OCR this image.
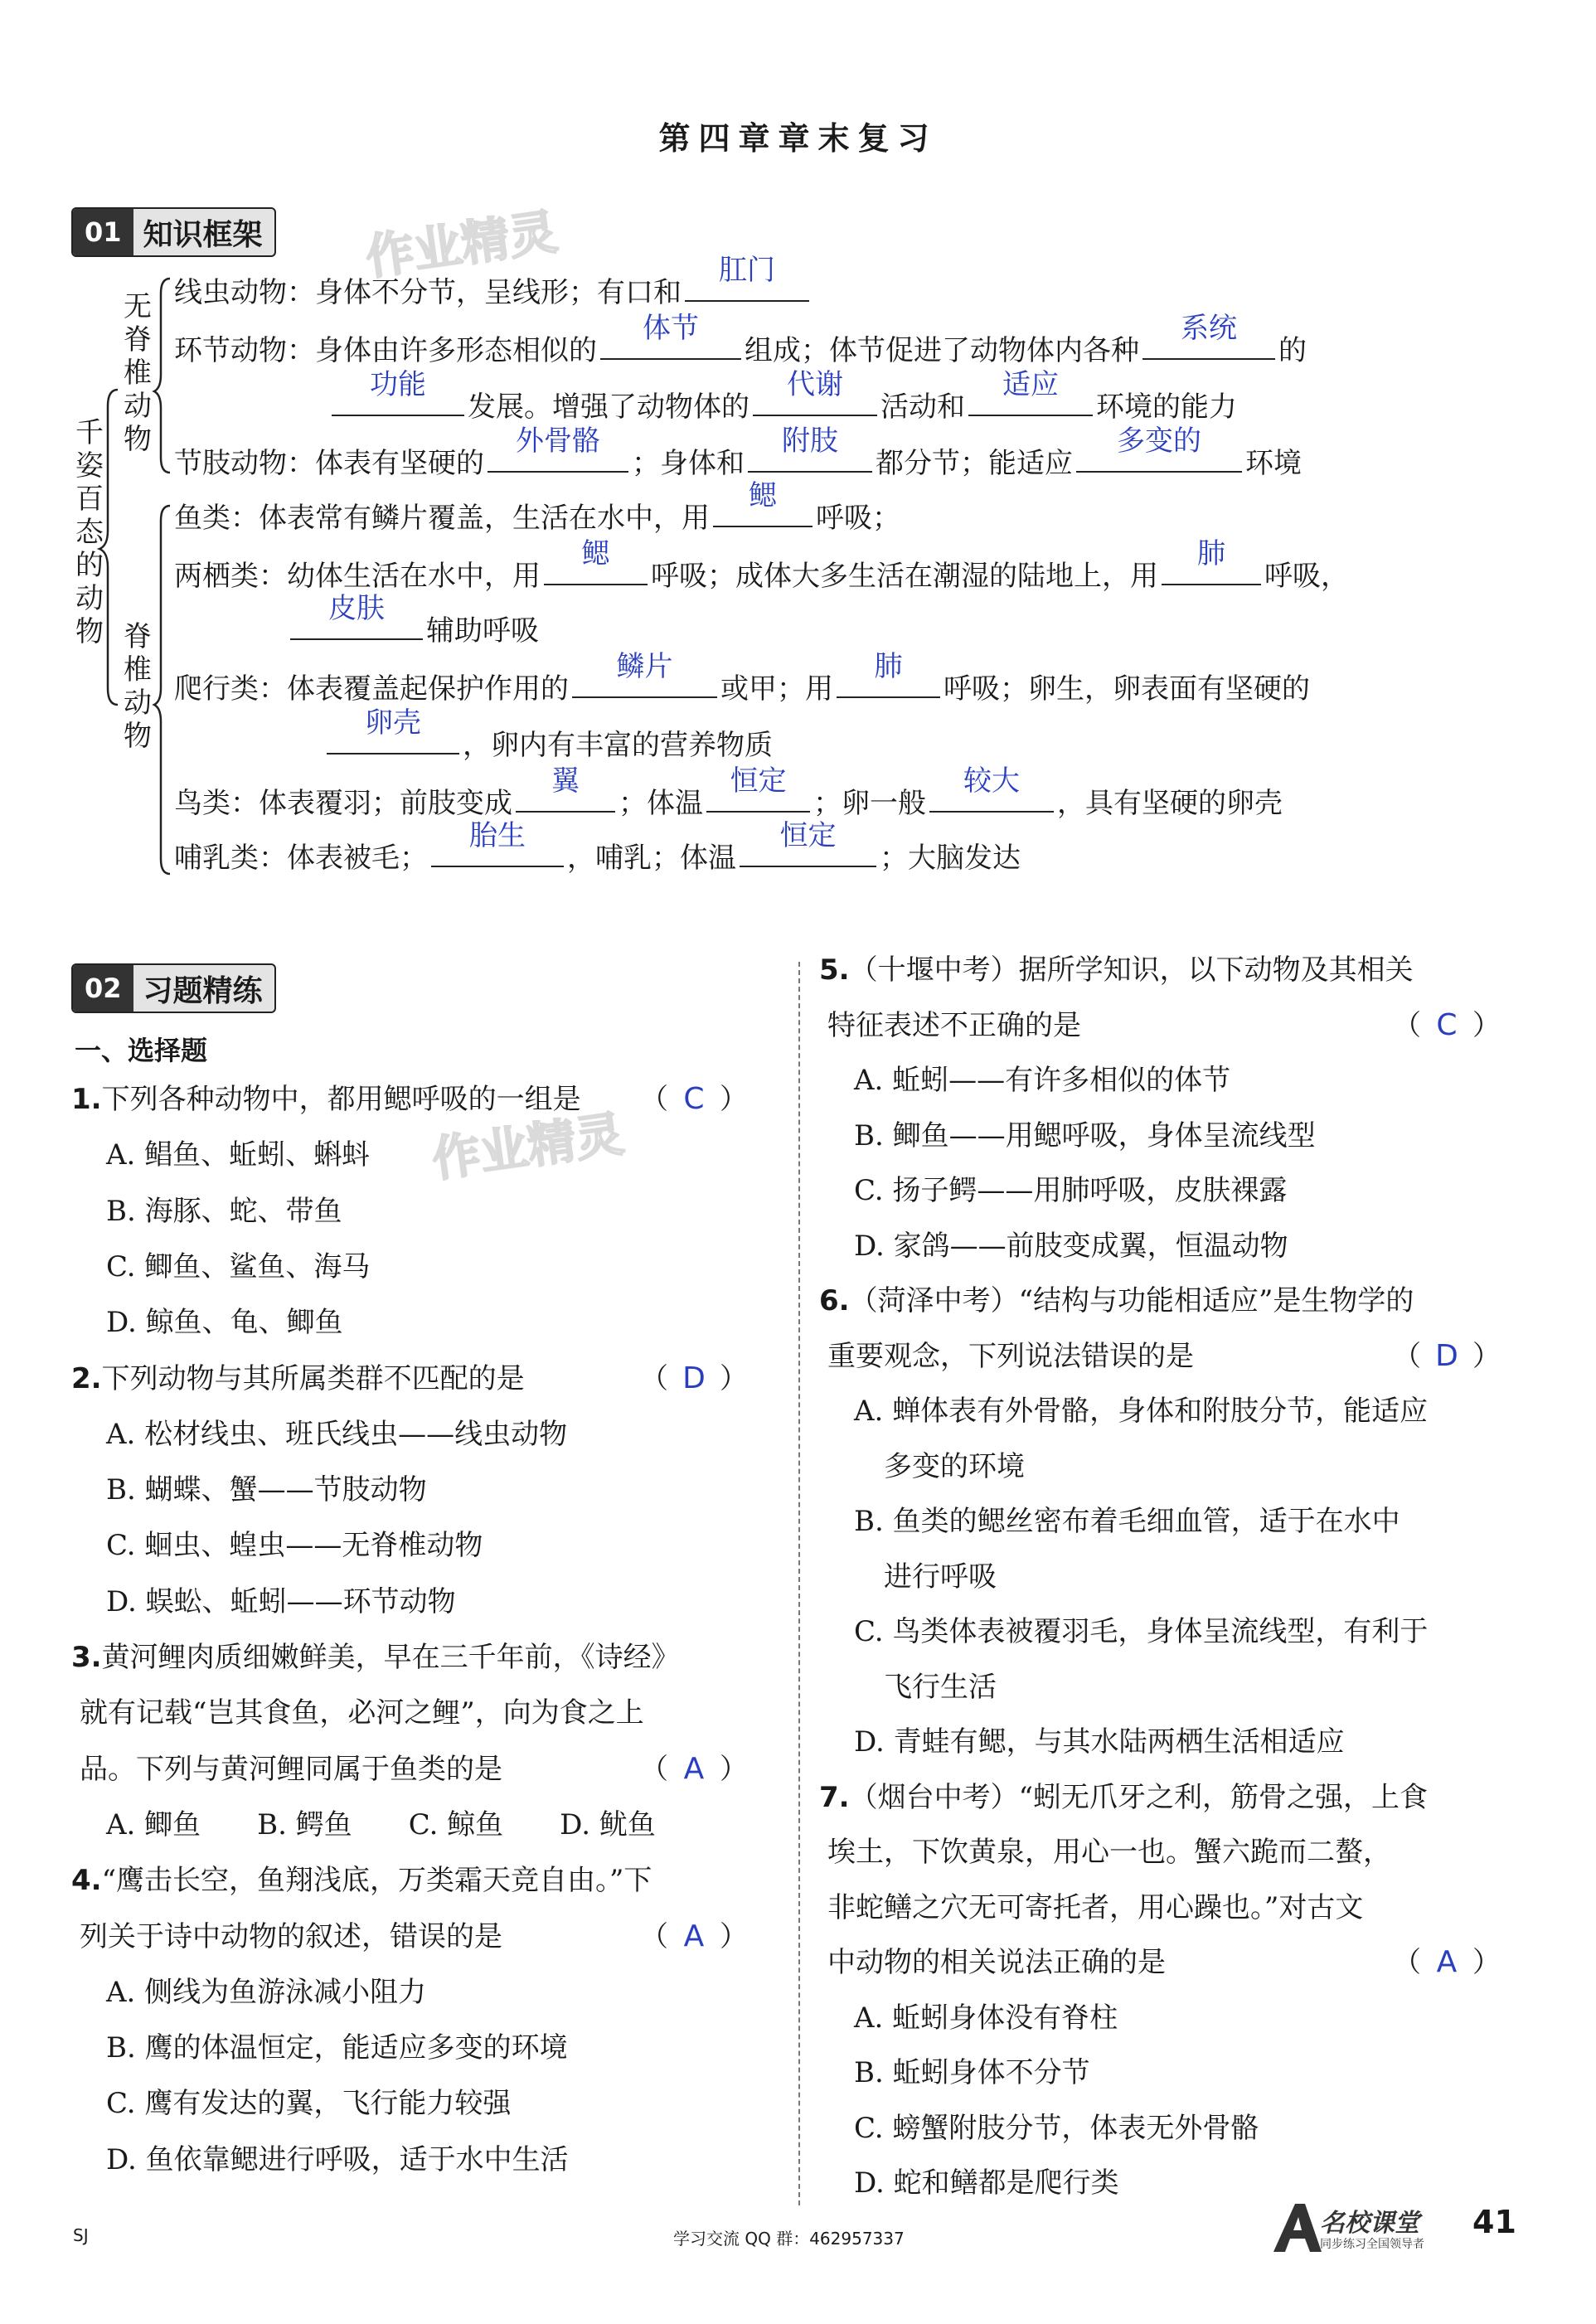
第四章章末复习
01 知识框架 作业精灵
千姿百态的动物
无脊椎动物
脊椎动物
线虫动物：身体不分节，呈线形；有口和
肛门
环节动物：身体由许多形态相似的
体节
组成；体节促进了动物体内各种
系统
的
功能
发展。增强了动物体的
代谢
活动和
适应
环境的能力
节肢动物：体表有坚硬的
外骨骼
；身体和
附肢
都分节；能适应
多变的
环境
鱼类：体表常有鳞片覆盖，生活在水中，用
鳃
呼吸；
两栖类：幼体生活在水中，用
鳃
呼吸；成体大多生活在潮湿的陆地上，用
肺
呼吸，
皮肤
辅助呼吸
爬行类：体表覆盖起保护作用的
鳞片
或甲；用
肺
呼吸；卵生，卵表面有坚硬的
卵壳
，卵内有丰富的营养物质
鸟类：体表覆羽；前肢变成
翼
；体温
恒定
；卵一般
较大
，具有坚硬的卵壳
哺乳类：体表被毛；
胎生
，哺乳；体温
恒定
；大脑发达
02 习题精练
一、选择题
作业精灵
1.下列各种动物中，都用鳃呼吸的一组是 （ C ）
A. 鲳鱼、蚯蚓、蝌蚪
B. 海豚、蛇、带鱼
C. 鲫鱼、鲨鱼、海马
D. 鲸鱼、龟、鲫鱼
2.下列动物与其所属类群不匹配的是	（ D ）
A. 松材线虫、班氏线虫——线虫动物
B. 蝴蝶、蟹——节肢动物
C. 蛔虫、蝗虫——无脊椎动物
D. 蜈蚣、蚯蚓——环节动物
3.黄河鲤肉质细嫩鲜美，早在三千年前，《诗经》
就有记载“岂其食鱼，必河之鲤”，向为食之上
品。下列与黄河鲤同属于鱼类的是	（ A ）
A. 鲫鱼　　B. 鳄鱼　　C. 鲸鱼　　D. 鱿鱼
4.“鹰击长空，鱼翔浅底，万类霜天竞自由。”下
列关于诗中动物的叙述，错误的是	（ A ）
A. 侧线为鱼游泳减小阻力
B. 鹰的体温恒定，能适应多变的环境
C. 鹰有发达的翼，飞行能力较强
D. 鱼依靠鳃进行呼吸，适于水中生活
5.（十堰中考）据所学知识，以下动物及其相关
特征表述不正确的是	（ C ）
A. 蚯蚓——有许多相似的体节
B. 鲫鱼——用鳃呼吸，身体呈流线型
C. 扬子鳄——用肺呼吸，皮肤裸露
D. 家鸽——前肢变成翼，恒温动物
6.（菏泽中考）“结构与功能相适应”是生物学的
重要观念，下列说法错误的是	（ D ）
A. 蝉体表有外骨骼，身体和附肢分节，能适应
多变的环境
B. 鱼类的鳃丝密布着毛细血管，适于在水中
进行呼吸
C. 鸟类体表被覆羽毛，身体呈流线型，有利于
飞行生活
D. 青蛙有鳃，与其水陆两栖生活相适应
7.（烟台中考）“蚓无爪牙之利，筋骨之强，上食
埃土，下饮黄泉，用心一也。蟹六跪而二螯，
非蛇鳝之穴无可寄托者，用心躁也。”对古文
中动物的相关说法正确的是	（ A ）
A. 蚯蚓身体没有脊柱
B. 蚯蚓身体不分节
C. 螃蟹附肢分节，体表无外骨骼
D. 蛇和鳝都是爬行类
SJ	学习交流 QQ 群：462957337
名校课堂
同步练习全国领导者
41
